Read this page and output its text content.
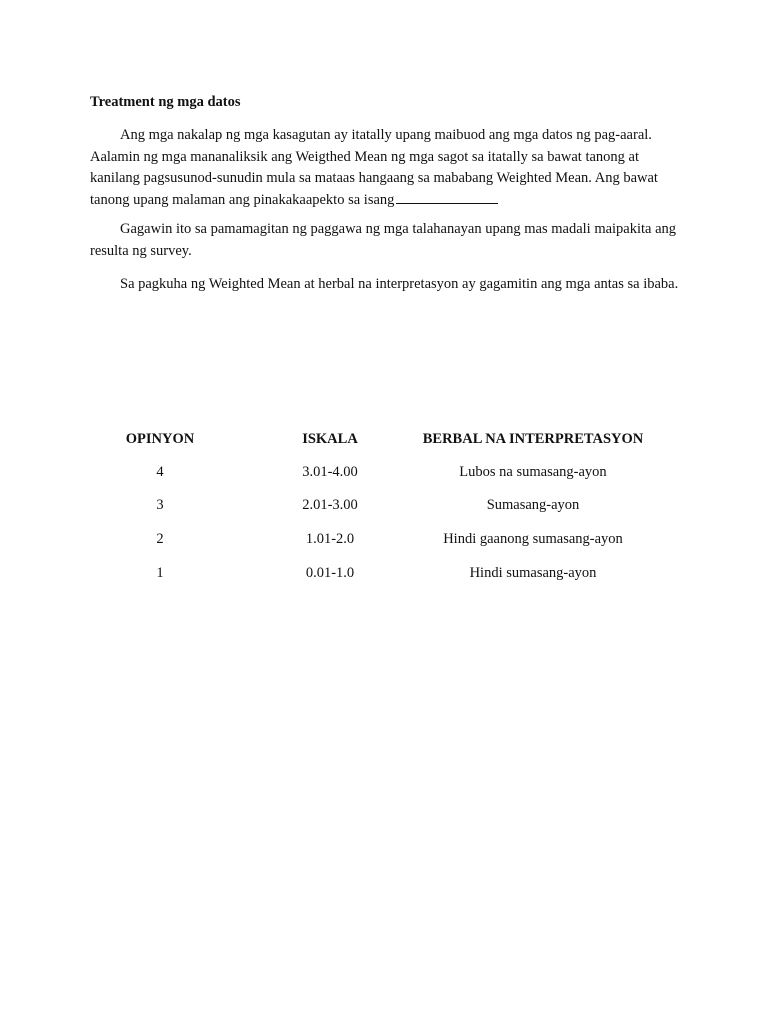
Treatment ng mga datos

Ang mga nakalap ng mga kasagutan ay itatally upang maibuod ang mga datos ng pag-aaral. Aalamin ng mga mananaliksik ang Weigthed Mean ng mga sagot sa itatally sa bawat tanong at kanilang pagsusunod-sunudin mula sa mataas hangaang sa mababang Weighted Mean. Ang bawat tanong upang malaman ang pinakakaapekto sa isang

Gagawin ito sa pamamagitan ng paggawa ng mga talahanayan upang mas madali maipakita ang resulta ng survey.

Sa pagkuha ng Weighted Mean at herbal na interpretasyon ay gagamitin ang mga antas sa ibaba.

OPINYON	ISKALA	BERBAL NA INTERPRETASYON
4	3.01-4.00	Lubos na sumasang-ayon
3	2.01-3.00	Sumasang-ayon
2	1.01-2.0	Hindi gaanong sumasang-ayon
1	0.01-1.0	Hindi sumasang-ayon
